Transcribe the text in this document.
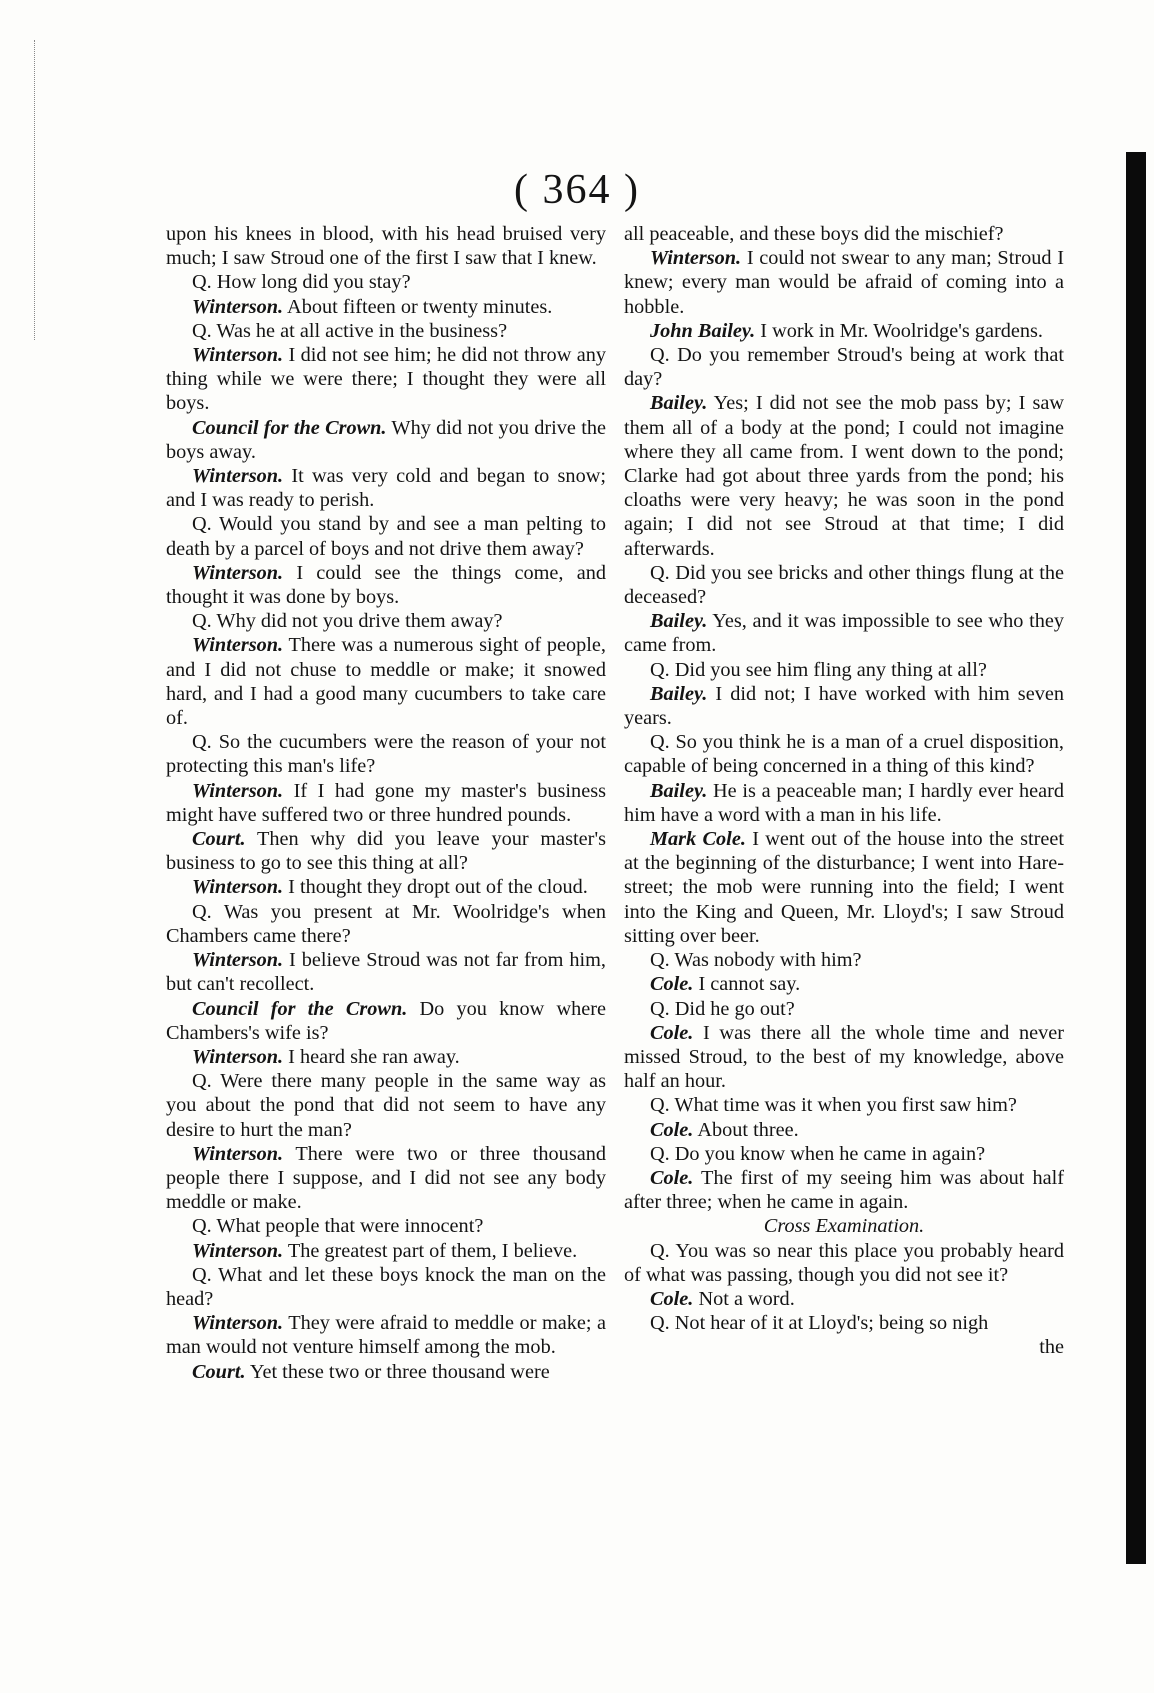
( 364 )

upon his knees in blood, with his head bruised very much; I saw Stroud one of the first I saw that I knew.

Q. How long did you stay?

Winterson. About fifteen or twenty minutes.

Q. Was he at all active in the business?

Winterson. I did not see him; he did not throw any thing while we were there; I thought they were all boys.

Council for the Crown. Why did not you drive the boys away.

Winterson. It was very cold and began to snow; and I was ready to perish.

Q. Would you stand by and see a man pelting to death by a parcel of boys and not drive them away?

Winterson. I could see the things come, and thought it was done by boys.

Q. Why did not you drive them away?

Winterson. There was a numerous sight of people, and I did not chuse to meddle or make; it snowed hard, and I had a good many cucumbers to take care of.

Q. So the cucumbers were the reason of your not protecting this man's life?

Winterson. If I had gone my master's business might have suffered two or three hundred pounds.

Court. Then why did you leave your master's business to go to see this thing at all?

Winterson. I thought they dropt out of the cloud.

Q. Was you present at Mr. Woolridge's when Chambers came there?

Winterson. I believe Stroud was not far from him, but can't recollect.

Council for the Crown. Do you know where Chambers's wife is?

Winterson. I heard she ran away.

Q. Were there many people in the same way as you about the pond that did not seem to have any desire to hurt the man?

Winterson. There were two or three thousand people there I suppose, and I did not see any body meddle or make.

Q. What people that were innocent?

Winterson. The greatest part of them, I believe.

Q. What and let these boys knock the man on the head?

Winterson. They were afraid to meddle or make; a man would not venture himself among the mob.

Court. Yet these two or three thousand were

all peaceable, and these boys did the mischief?

Winterson. I could not swear to any man; Stroud I knew; every man would be afraid of coming into a hobble.

John Bailey. I work in Mr. Woolridge's gardens.

Q. Do you remember Stroud's being at work that day?

Bailey. Yes; I did not see the mob pass by; I saw them all of a body at the pond; I could not imagine where they all came from. I went down to the pond; Clarke had got about three yards from the pond; his cloaths were very heavy; he was soon in the pond again; I did not see Stroud at that time; I did afterwards.

Q. Did you see bricks and other things flung at the deceased?

Bailey. Yes, and it was impossible to see who they came from.

Q. Did you see him fling any thing at all?

Bailey. I did not; I have worked with him seven years.

Q. So you think he is a man of a cruel disposition, capable of being concerned in a thing of this kind?

Bailey. He is a peaceable man; I hardly ever heard him have a word with a man in his life.

Mark Cole. I went out of the house into the street at the beginning of the disturbance; I went into Hare-street; the mob were running into the field; I went into the King and Queen, Mr. Lloyd's; I saw Stroud sitting over beer.

Q. Was nobody with him?

Cole. I cannot say.

Q. Did he go out?

Cole. I was there all the whole time and never missed Stroud, to the best of my knowledge, above half an hour.

Q. What time was it when you first saw him?

Cole. About three.

Q. Do you know when he came in again?

Cole. The first of my seeing him was about half after three; when he came in again.

Cross Examination.

Q. You was so near this place you probably heard of what was passing, though you did not see it?

Cole. Not a word.

Q. Not hear of it at Lloyd's; being so nigh

the
